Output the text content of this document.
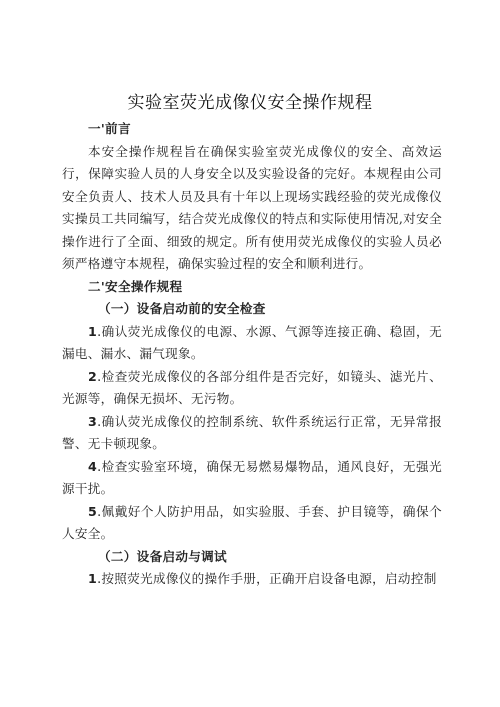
实验室荧光成像仪安全操作规程

一'前言

本安全操作规程旨在确保实验室荧光成像仪的安全、高效运行，保障实验人员的人身安全以及实验设备的完好。本规程由公司安全负责人、技术人员及具有十年以上现场实践经验的荧光成像仪实操员工共同编写，结合荧光成像仪的特点和实际使用情况,对安全操作进行了全面、细致的规定。所有使用荧光成像仪的实验人员必须严格遵守本规程，确保实验过程的安全和顺利进行。

二'安全操作规程

（一）设备启动前的安全检查

1.确认荧光成像仪的电源、水源、气源等连接正确、稳固，无漏电、漏水、漏气现象。

2.检查荧光成像仪的各部分组件是否完好，如镜头、滤光片、光源等，确保无损坏、无污物。

3.确认荧光成像仪的控制系统、软件系统运行正常，无异常报警、无卡顿现象。

4.检查实验室环境，确保无易燃易爆物品，通风良好，无强光源干扰。

5.佩戴好个人防护用品，如实验服、手套、护目镜等，确保个人安全。

（二）设备启动与调试

1.按照荧光成像仪的操作手册，正确开启设备电源，启动控制
